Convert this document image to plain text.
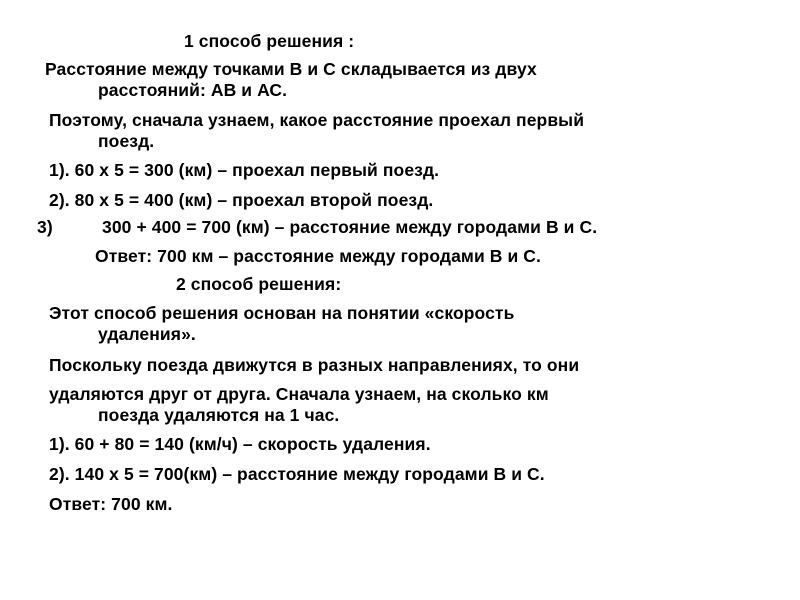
1 способ решения :
Расстояние между точками В и С складывается из двух
расстояний: АВ и АС.
Поэтому, сначала узнаем, какое расстояние проехал первый
поезд.
1). 60 х 5 = 300 (км) – проехал первый поезд.
2). 80 х 5 = 400 (км) – проехал второй поезд.
3)	300 + 400 = 700 (км) – расстояние между городами В и С.
Ответ: 700 км – расстояние между городами В и С.
2 способ решения:
Этот способ решения основан на понятии «скорость
удаления».
Поскольку поезда движутся в разных направлениях, то они
удаляются друг от друга. Сначала узнаем, на сколько км
поезда удаляются на 1 час.
1). 60 + 80 = 140 (км/ч) – скорость удаления.
2). 140 х 5 = 700(км) – расстояние между городами В и С.
Ответ: 700 км.
